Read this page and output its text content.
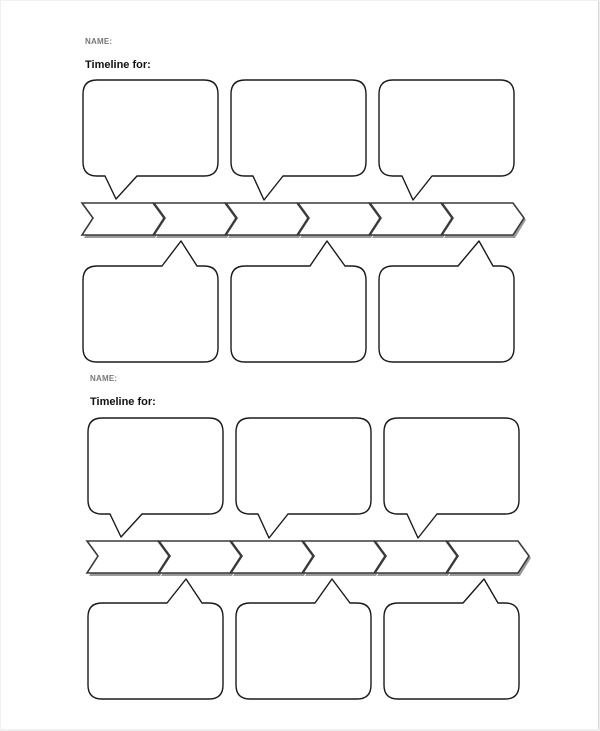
NAME:
Timeline for:
NAME:
Timeline for:
